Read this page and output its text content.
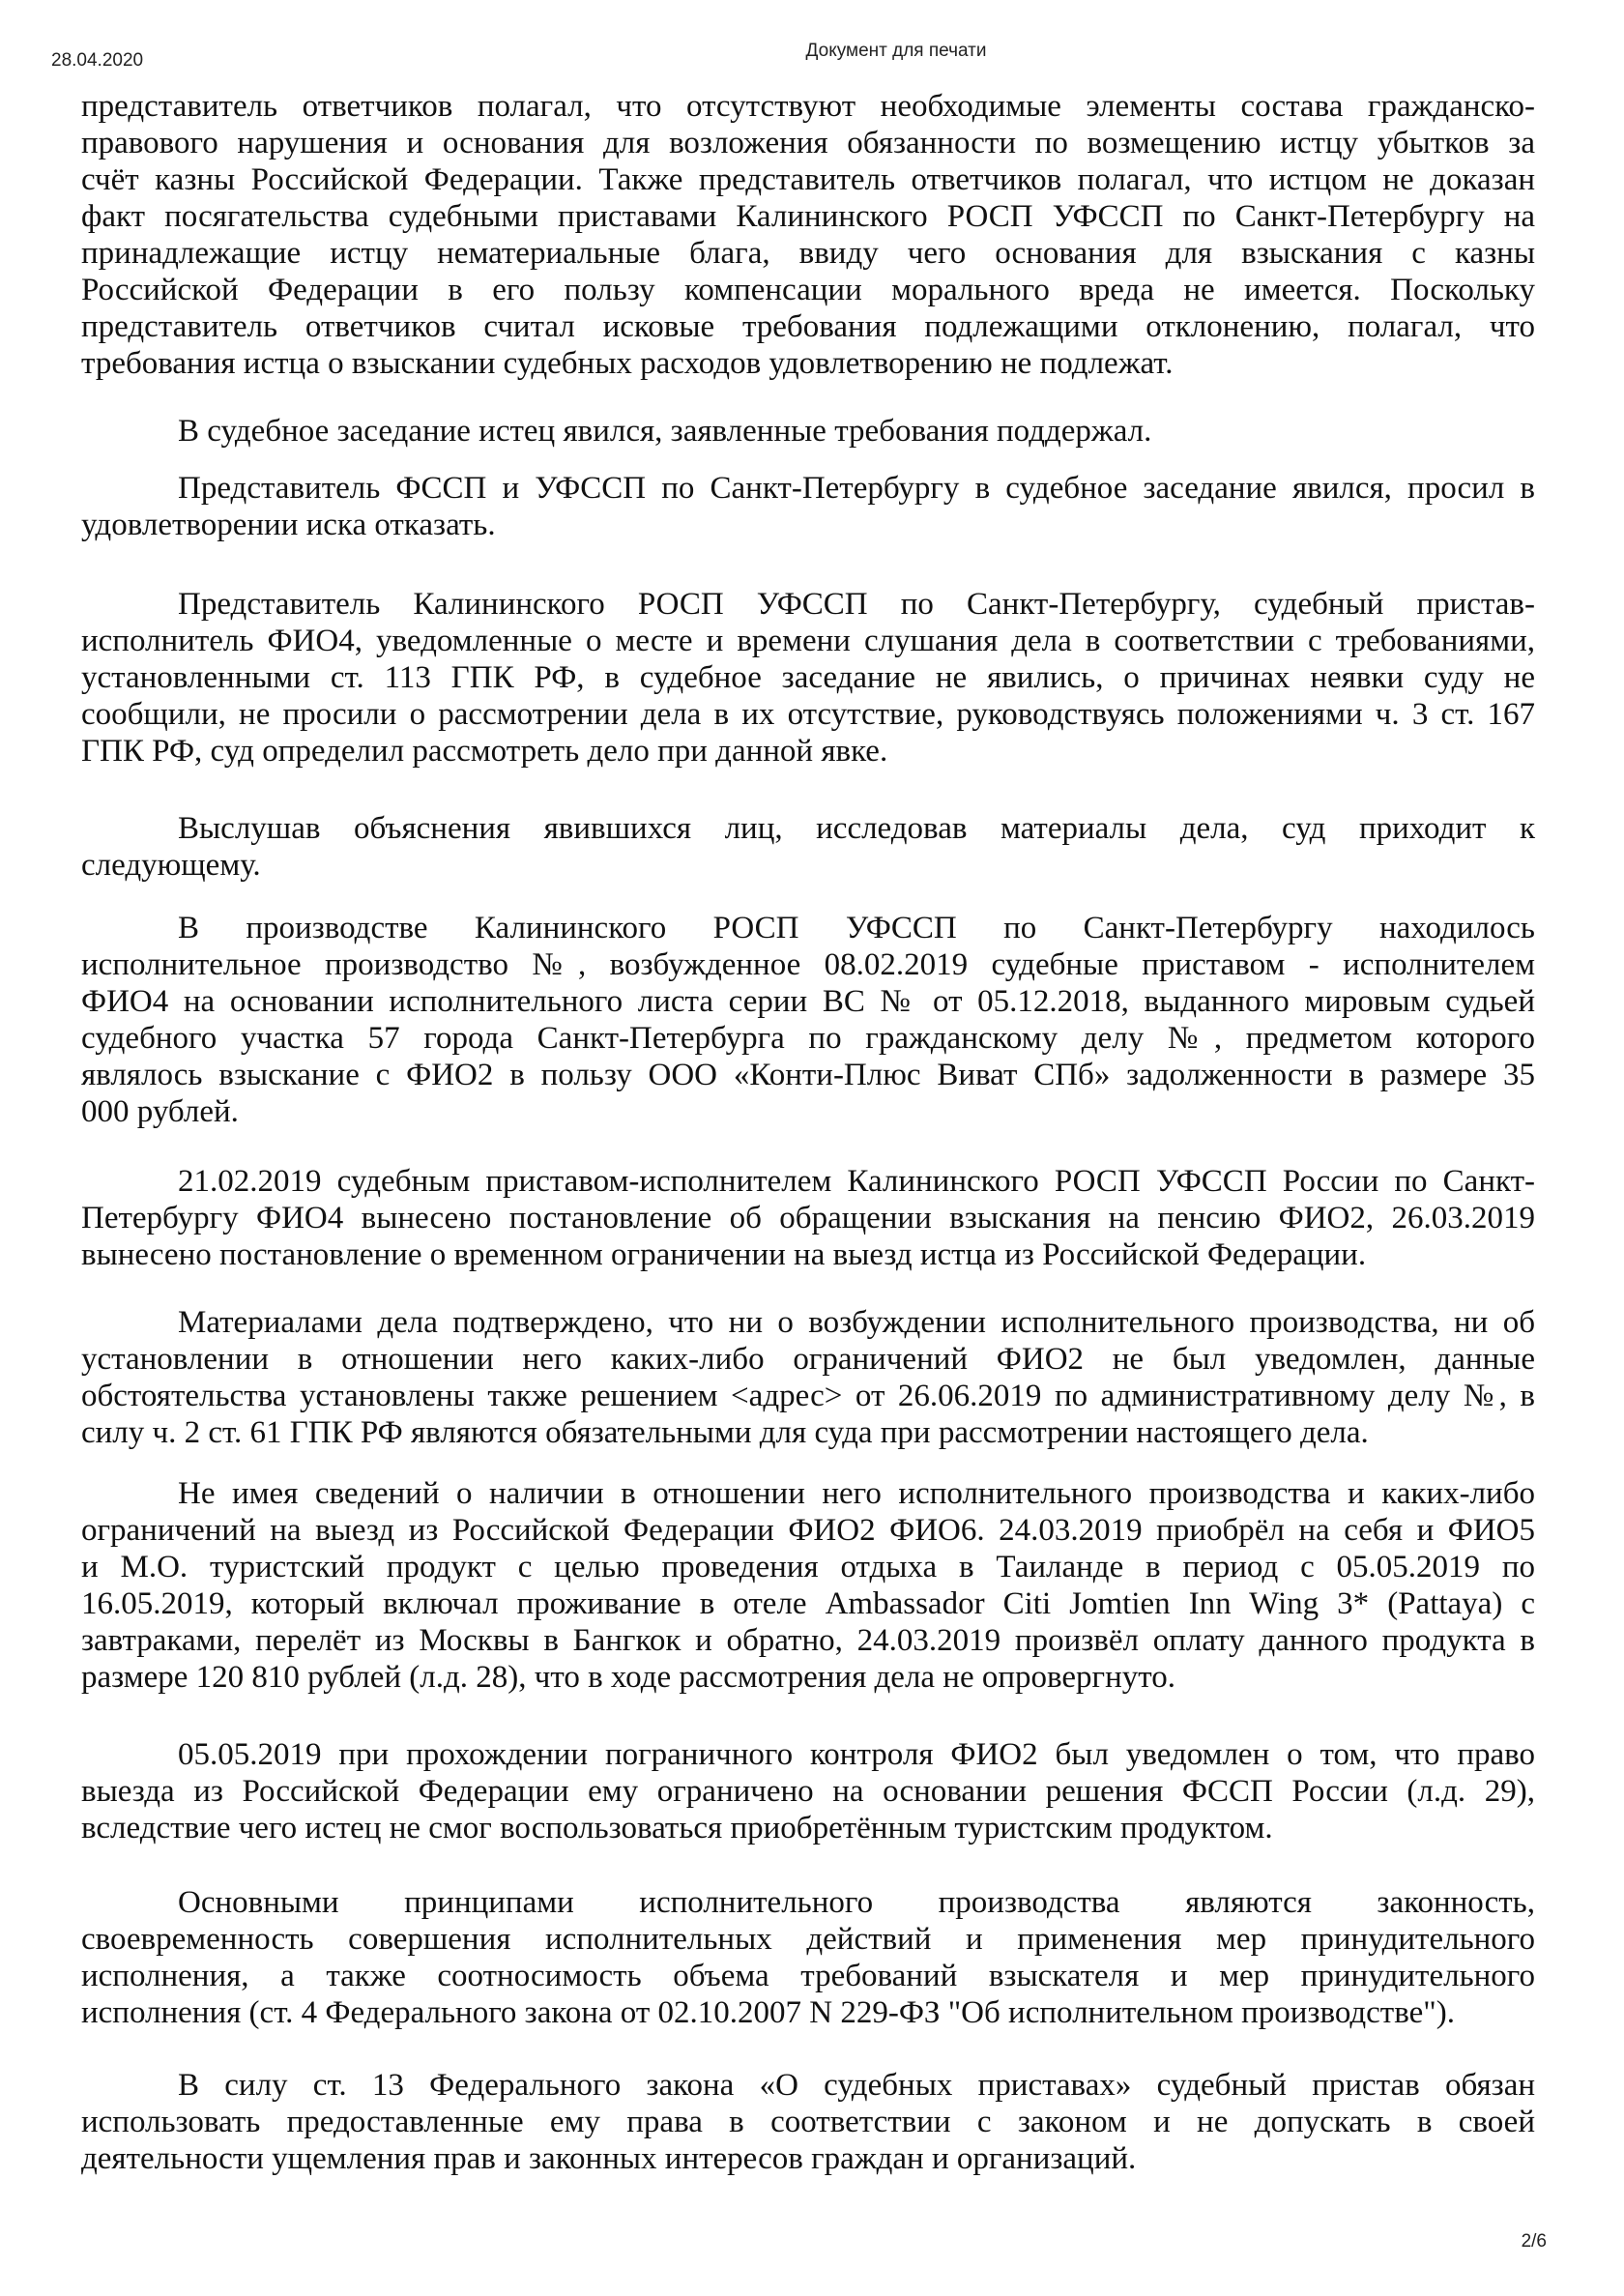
28.04.2020	Документ для печати
представитель ответчиков полагал, что отсутствуют необходимые элементы состава гражданско-
правового нарушения и основания для возложения обязанности по возмещению истцу убытков за
счёт казны Российской Федерации. Также представитель ответчиков полагал, что истцом не доказан
факт посягательства судебными приставами Калининского РОСП УФССП по Санкт-Петербургу на
принадлежащие истцу нематериальные блага, ввиду чего основания для взыскания с казны
Российской Федерации в его пользу компенсации морального вреда не имеется. Поскольку
представитель ответчиков считал исковые требования подлежащими отклонению, полагал, что
требования истца о взыскании судебных расходов удовлетворению не подлежат.
В судебное заседание истец явился, заявленные требования поддержал.
Представитель ФССП и УФССП по Санкт-Петербургу в судебное заседание явился, просил в
удовлетворении иска отказать.
Представитель Калининского РОСП УФССП по Санкт-Петербургу, судебный пристав-
исполнитель ФИО4, уведомленные о месте и времени слушания дела в соответствии с требованиями,
установленными ст. 113 ГПК РФ, в судебное заседание не явились, о причинах неявки суду не
сообщили, не просили о рассмотрении дела в их отсутствие, руководствуясь положениями ч. 3 ст. 167
ГПК РФ, суд определил рассмотреть дело при данной явке.
Выслушав объяснения явившихся лиц, исследовав материалы дела, суд приходит к
следующему.
В производстве Калининского РОСП УФССП по Санкт-Петербургу находилось
исполнительное производство №, возбужденное 08.02.2019 судебные приставом - исполнителем
ФИО4 на основании исполнительного листа серии ВС № от 05.12.2018, выданного мировым судьей
судебного участка 57 города Санкт-Петербурга по гражданскому делу №, предметом которого
являлось взыскание с ФИО2 в пользу ООО «Конти-Плюс Виват СПб» задолженности в размере 35
000 рублей.
21.02.2019 судебным приставом-исполнителем Калининского РОСП УФССП России по Санкт-
Петербургу ФИО4 вынесено постановление об обращении взыскания на пенсию ФИО2, 26.03.2019
вынесено постановление о временном ограничении на выезд истца из Российской Федерации.
Материалами дела подтверждено, что ни о возбуждении исполнительного производства, ни об
установлении в отношении него каких-либо ограничений ФИО2 не был уведомлен, данные
обстоятельства установлены также решением <адрес> от 26.06.2019 по административному делу №, в
силу ч. 2 ст. 61 ГПК РФ являются обязательными для суда при рассмотрении настоящего дела.
Не имея сведений о наличии в отношении него исполнительного производства и каких-либо
ограничений на выезд из Российской Федерации ФИО2 ФИО6. 24.03.2019 приобрёл на себя и ФИО5
и М.О. туристский продукт с целью проведения отдыха в Таиланде в период с 05.05.2019 по
16.05.2019, который включал проживание в отеле Ambassador Citi Jomtien Inn Wing 3* (Pattaya) с
завтраками, перелёт из Москвы в Бангкок и обратно, 24.03.2019 произвёл оплату данного продукта в
размере 120 810 рублей (л.д. 28), что в ходе рассмотрения дела не опровергнуто.
05.05.2019 при прохождении пограничного контроля ФИО2 был уведомлен о том, что право
выезда из Российской Федерации ему ограничено на основании решения ФССП России (л.д. 29),
вследствие чего истец не смог воспользоваться приобретённым туристским продуктом.
Основными принципами исполнительного производства являются законность,
своевременность совершения исполнительных действий и применения мер принудительного
исполнения, а также соотносимость объема требований взыскателя и мер принудительного
исполнения (ст. 4 Федерального закона от 02.10.2007 N 229-ФЗ "Об исполнительном производстве").
В силу ст. 13 Федерального закона «О судебных приставах» судебный пристав обязан
использовать предоставленные ему права в соответствии с законом и не допускать в своей
деятельности ущемления прав и законных интересов граждан и организаций.
2/6
